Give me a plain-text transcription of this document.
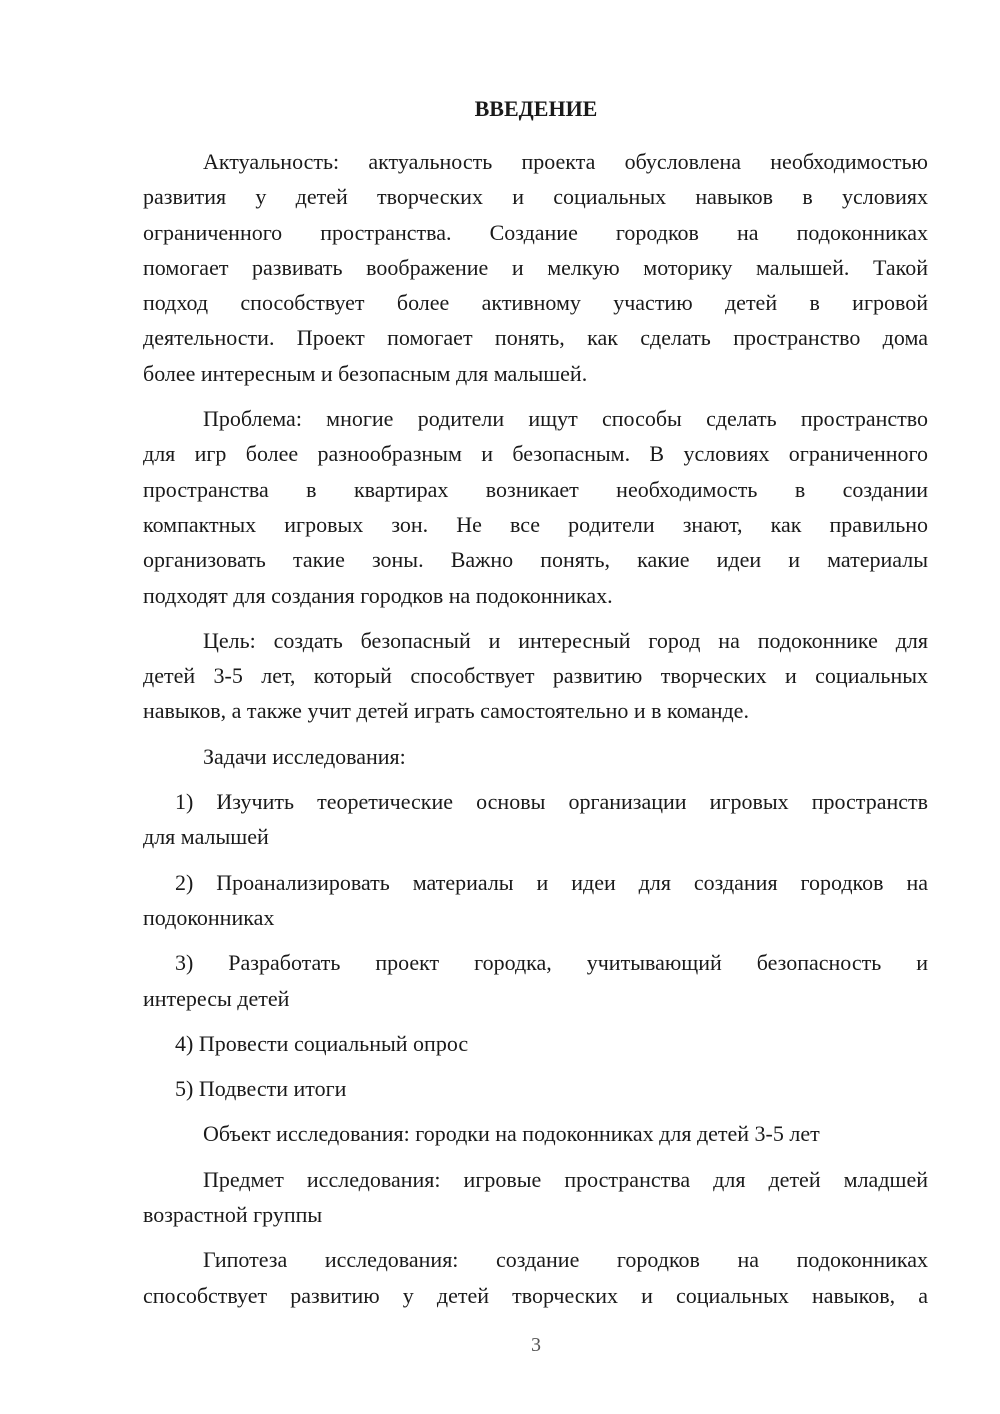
ВВЕДЕНИЕ
Актуальность: актуальность проекта обусловлена необходимостью
развития у детей творческих и социальных навыков в условиях
ограниченного пространства. Создание городков на подоконниках
помогает развивать воображение и мелкую моторику малышей. Такой
подход способствует более активному участию детей в игровой
деятельности. Проект помогает понять, как сделать пространство дома
более интересным и безопасным для малышей.
Проблема: многие родители ищут способы сделать пространство
для игр более разнообразным и безопасным. В условиях ограниченного
пространства в квартирах возникает необходимость в создании
компактных игровых зон. Не все родители знают, как правильно
организовать такие зоны. Важно понять, какие идеи и материалы
подходят для создания городков на подоконниках.
Цель: создать безопасный и интересный город на подоконнике для
детей 3-5 лет, который способствует развитию творческих и социальных
навыков, а также учит детей играть самостоятельно и в команде.
Задачи исследования:
1) Изучить теоретические основы организации игровых пространств
для малышей
2) Проанализировать материалы и идеи для создания городков на
подоконниках
3) Разработать проект городка, учитывающий безопасность и
интересы детей
4) Провести социальный опрос
5) Подвести итоги
Объект исследования: городки на подоконниках для детей 3-5 лет
Предмет исследования: игровые пространства для детей младшей
возрастной группы
Гипотеза исследования: создание городков на подоконниках
способствует развитию у детей творческих и социальных навыков, а
3
